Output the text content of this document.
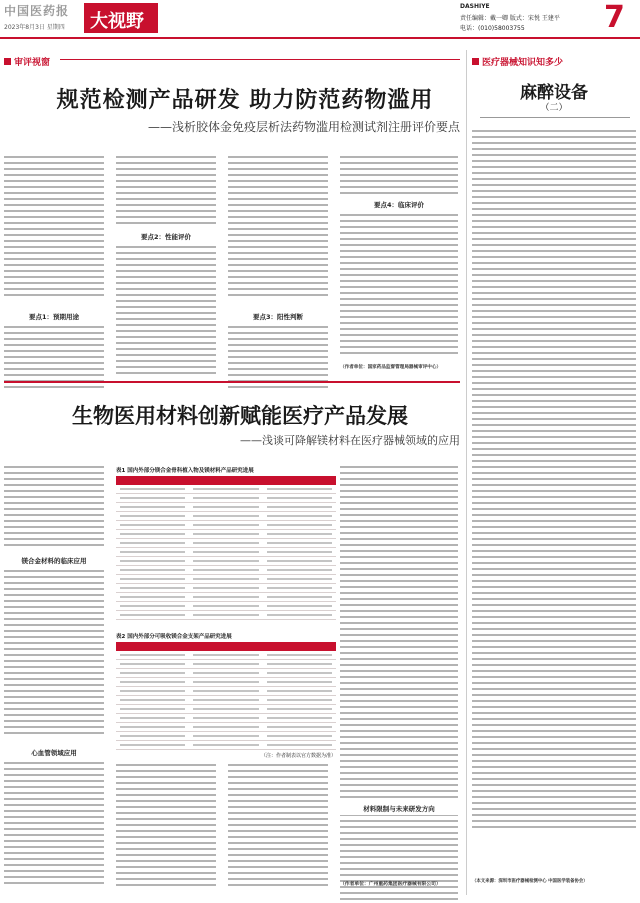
中国医药报
2023年8月3日 星期四 大视野
DASHIYE
责任编辑：戴一卿 版式：宋悦 王建平
电话：(010)58003755	7
审评视窗
规范检测产品研发 助力防范药物滥用
——浅析胶体金免疫层析法药物滥用检测试剂注册评价要点
要点1：预期用途
要点2：性能评价
要点3：阳性判断
要点4：临床评价
（作者单位：国家药品监督管理局器械审评中心）
医疗器械知识知多少
麻醉设备
（二）
（本文来源：深圳市医疗器械检测中心 中国医学装备协会）
生物医用材料创新赋能医疗产品发展
——浅谈可降解镁材料在医疗器械领域的应用
镁合金材料的临床应用
心血管领域应用
表1 国内外部分镁合金骨科植入物及镁材料产品研究进展
表2 国内外部分可吸收镁合金支架产品研究进展
（注：作者制表以官方数据为准）
材料限制与未来研发方向
（作者单位：广州重药集团医疗器械有限公司）
